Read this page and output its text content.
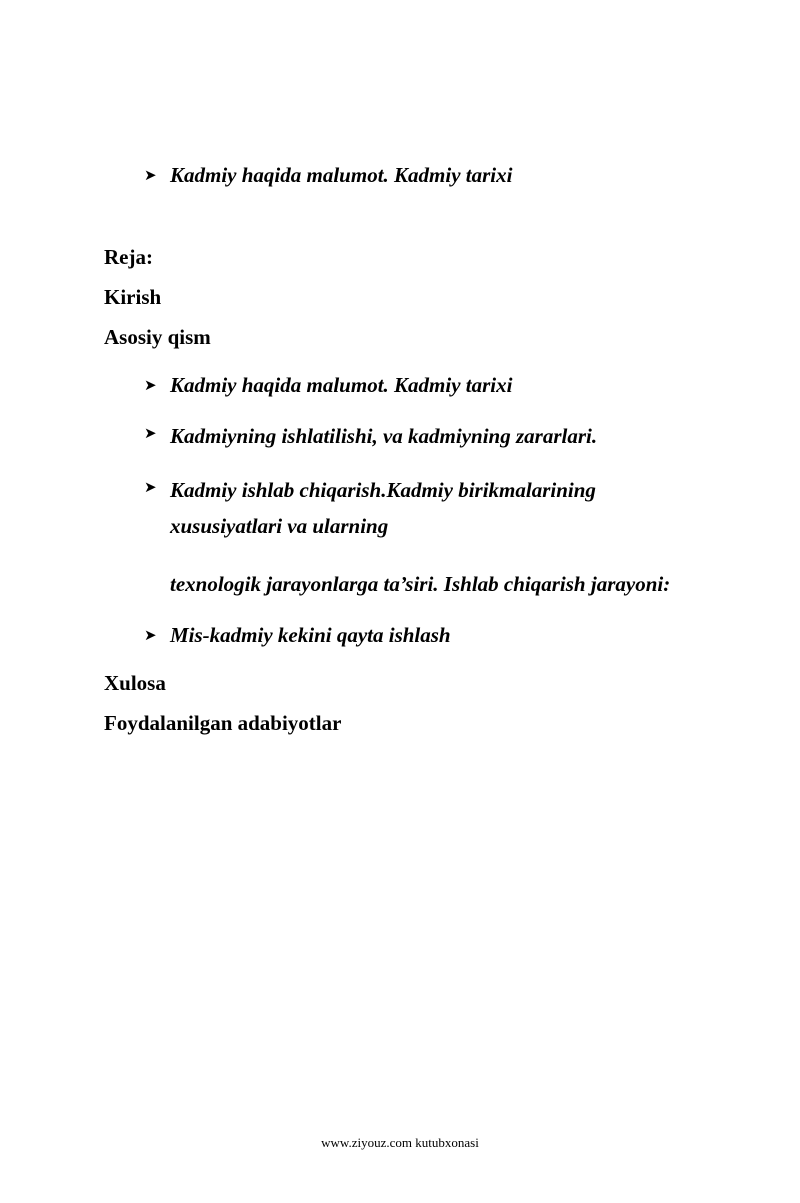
➤ Kadmiy haqida malumot. Kadmiy tarixi

Reja:

Kirish

Asosiy qism

➤ Kadmiy haqida malumot. Kadmiy tarixi
➤ Kadmiyning ishlatilishi, va kadmiyning zararlari.
➤ Kadmiy ishlab chiqarish.Kadmiy birikmalarining xususiyatlari va ularning
texnologik jarayonlarga ta’siri. Ishlab chiqarish jarayoni:
➤ Mis-kadmiy kekini qayta ishlash

Xulosa

Foydalanilgan adabiyotlar

www.ziyouz.com kutubxonasi
